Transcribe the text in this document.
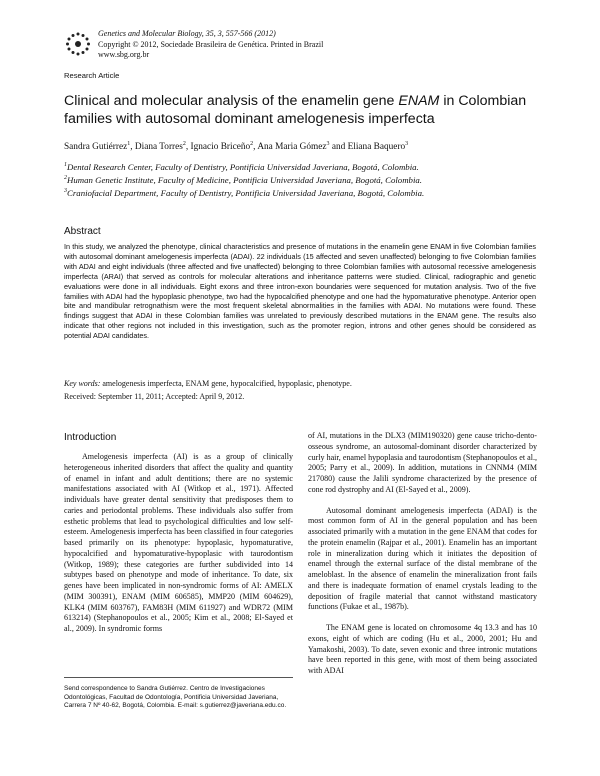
Genetics and Molecular Biology, 35, 3, 557-566 (2012)
Copyright © 2012, Sociedade Brasileira de Genética. Printed in Brazil
www.sbg.org.br
Research Article
Clinical and molecular analysis of the enamelin gene ENAM in Colombian families with autosomal dominant amelogenesis imperfecta
Sandra Gutiérrez$^1$, Diana Torres$^2$, Ignacio Briceño$^2$, Ana Maria Gómez$^3$ and Eliana Baquero$^3$
$^1$Dental Research Center, Faculty of Dentistry, Pontificia Universidad Javeriana, Bogotá, Colombia.
$^2$Human Genetic Institute, Faculty of Medicine, Pontificia Universidad Javeriana, Bogotá, Colombia.
$^3$Craniofacial Department, Faculty of Dentistry, Pontificia Universidad Javeriana, Bogotá, Colombia.
Abstract
In this study, we analyzed the phenotype, clinical characteristics and presence of mutations in the enamelin gene ENAM in five Colombian families with autosomal dominant amelogenesis imperfecta (ADAI). 22 individuals (15 affected and seven unaffected) belonging to five Colombian families with ADAI and eight individuals (three affected and five unaffected) belonging to three Colombian families with autosomal recessive amelogenesis imperfecta (ARAI) that served as controls for molecular alterations and inheritance patterns were studied. Clinical, radiographic and genetic evaluations were done in all individuals. Eight exons and three intron-exon boundaries were sequenced for mutation analysis. Two of the five families with ADAI had the hypoplasic phenotype, two had the hypocalcified phenotype and one had the hypomaturative phenotype. Anterior open bite and mandibular retrognathism were the most frequent skeletal abnormalities in the families with ADAI. No mutations were found. These findings suggest that ADAI in these Colombian families was unrelated to previously described mutations in the ENAM gene. The results also indicate that other regions not included in this investigation, such as the promoter region, introns and other genes should be considered as potential ADAI candidates.
Key words: amelogenesis imperfecta, ENAM gene, hypocalcified, hypoplasic, phenotype.
Received: September 11, 2011; Accepted: April 9, 2012.
Introduction

Amelogenesis imperfecta (AI) is as a group of clinically heterogeneous inherited disorders that affect the quality and quantity of enamel in infant and adult dentitions; there are no systemic manifestations associated with AI (Witkop et al., 1971). Affected individuals have greater dental sensitivity that predisposes them to caries and periodontal problems. These individuals also suffer from esthetic problems that lead to psychological difficulties and low self-esteem. Amelogenesis imperfecta has been classified in four categories based primarily on its phenotype: hypoplasic, hypomaturative, hypocalcified and hypomaturative-hypoplasic with taurodontism (Witkop, 1989); these categories are further subdivided into 14 subtypes based on phenotype and mode of inheritance. To date, six genes have been implicated in non-syndromic forms of AI: AMELX (MIM 300391), ENAM (MIM 606585), MMP20 (MIM 604629), KLK4 (MIM 603767), FAM83H (MIM 611927) and WDR72 (MIM 613214) (Stephanopoulos et al., 2005; Kim et al., 2008; El-Sayed et al., 2009). In syndromic forms

of AI, mutations in the DLX3 (MIM190320) gene cause tricho-dento-osseous syndrome, an autosomal-dominant disorder characterized by curly hair, enamel hypoplasia and taurodontism (Stephanopoulos et al., 2005; Parry et al., 2009). In addition, mutations in CNNM4 (MIM 217080) cause the Jalili syndrome characterized by the presence of cone rod dystrophy and AI (El-Sayed et al., 2009).

Autosomal dominant amelogenesis imperfecta (ADAI) is the most common form of AI in the general population and has been associated primarily with a mutation in the gene ENAM that codes for the protein enamelin (Rajpar et al., 2001). Enamelin has an important role in mineralization during which it initiates the deposition of enamel through the external surface of the distal membrane of the ameloblast. In the absence of enamelin the mineralization front fails and there is inadequate formation of enamel crystals leading to the deposition of fragile material that cannot withstand masticatory functions (Fukae et al., 1987b).

The ENAM gene is located on chromosome 4q 13.3 and has 10 exons, eight of which are coding (Hu et al., 2000, 2001; Hu and Yamakoshi, 2003). To date, seven exonic and three intronic mutations have been reported in this gene, with most of them being associated with ADAI

Send correspondence to Sandra Gutiérrez. Centro de Investigaciones Odontológicas, Facultad de Odontología, Pontificia Universidad Javeriana, Carrera 7 Nº 40-62, Bogotá, Colombia. E-mail: s.gutierrez@javeriana.edu.co.
